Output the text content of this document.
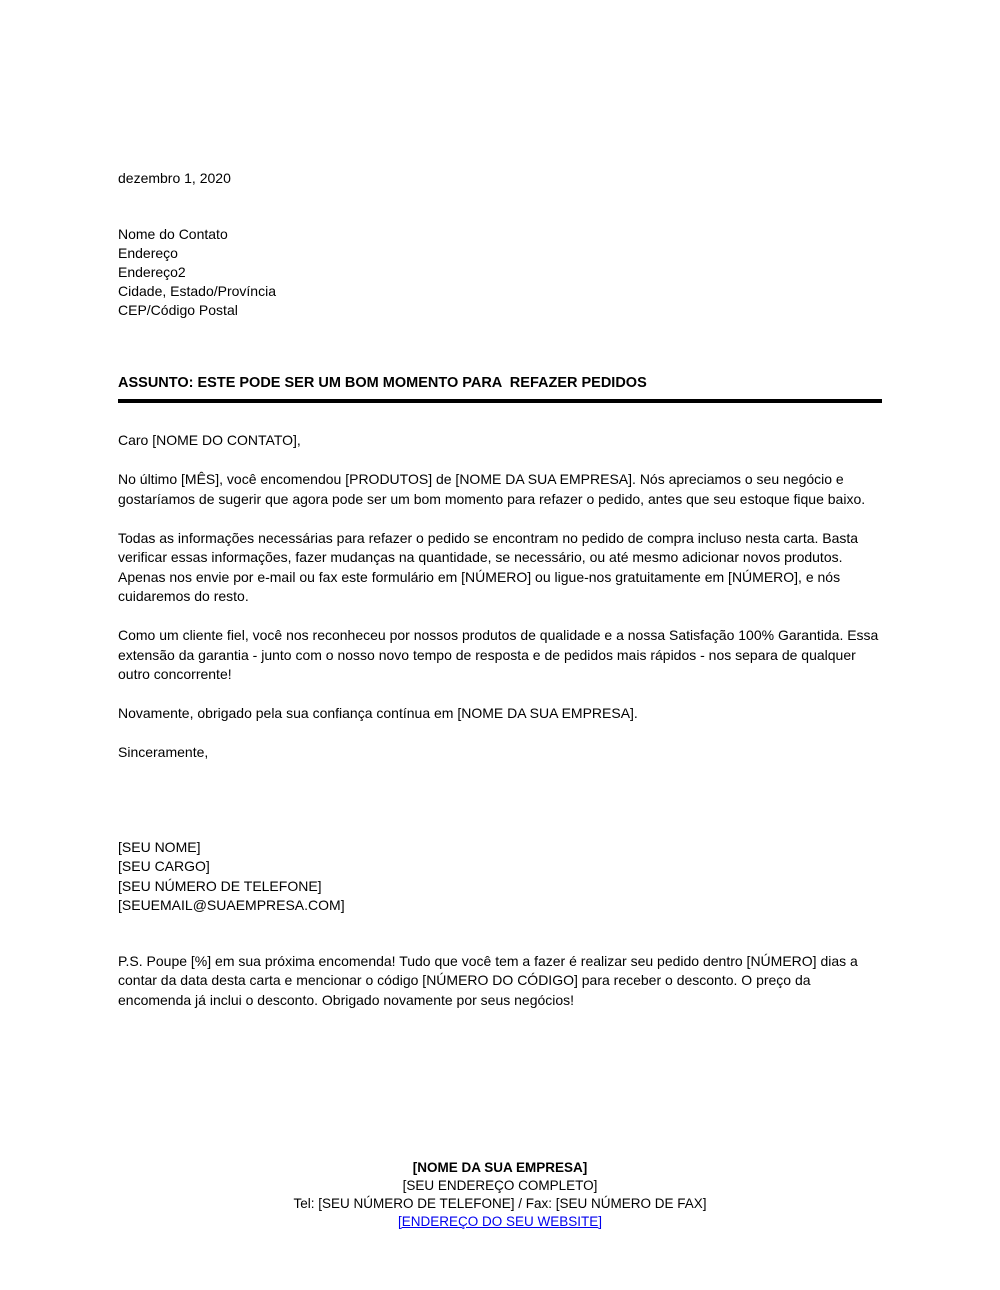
dezembro 1, 2020
Nome do Contato
Endereço
Endereço2
Cidade, Estado/Província
CEP/Código Postal
ASSUNTO: ESTE PODE SER UM BOM MOMENTO PARA  REFAZER PEDIDOS
Caro [NOME DO CONTATO],

No último [MÊS], você encomendou [PRODUTOS] de [NOME DA SUA EMPRESA]. Nós apreciamos o seu negócio e gostaríamos de sugerir que agora pode ser um bom momento para refazer o pedido, antes que seu estoque fique baixo.

Todas as informações necessárias para refazer o pedido se encontram no pedido de compra incluso nesta carta. Basta verificar essas informações, fazer mudanças na quantidade, se necessário, ou até mesmo adicionar novos produtos. Apenas nos envie por e-mail ou fax este formulário em [NÚMERO] ou ligue-nos gratuitamente em [NÚMERO], e nós cuidaremos do resto.

Como um cliente fiel, você nos reconheceu por nossos produtos de qualidade e a nossa Satisfação 100% Garantida. Essa extensão da garantia - junto com o nosso novo tempo de resposta e de pedidos mais rápidos - nos separa de qualquer outro concorrente!

Novamente, obrigado pela sua confiança contínua em [NOME DA SUA EMPRESA].

Sinceramente,
[SEU NOME]
[SEU CARGO]
[SEU NÚMERO DE TELEFONE]
[SEUEMAIL@SUAEMPRESA.COM]

P.S. Poupe [%] em sua próxima encomenda! Tudo que você tem a fazer é realizar seu pedido dentro [NÚMERO] dias a contar da data desta carta e mencionar o código [NÚMERO DO CÓDIGO] para receber o desconto. O preço da encomenda já inclui o desconto. Obrigado novamente por seus negócios!

[NOME DA SUA EMPRESA]
[SEU ENDEREÇO COMPLETO]
Tel: [SEU NÚMERO DE TELEFONE] / Fax: [SEU NÚMERO DE FAX]
[ENDEREÇO DO SEU WEBSITE]
